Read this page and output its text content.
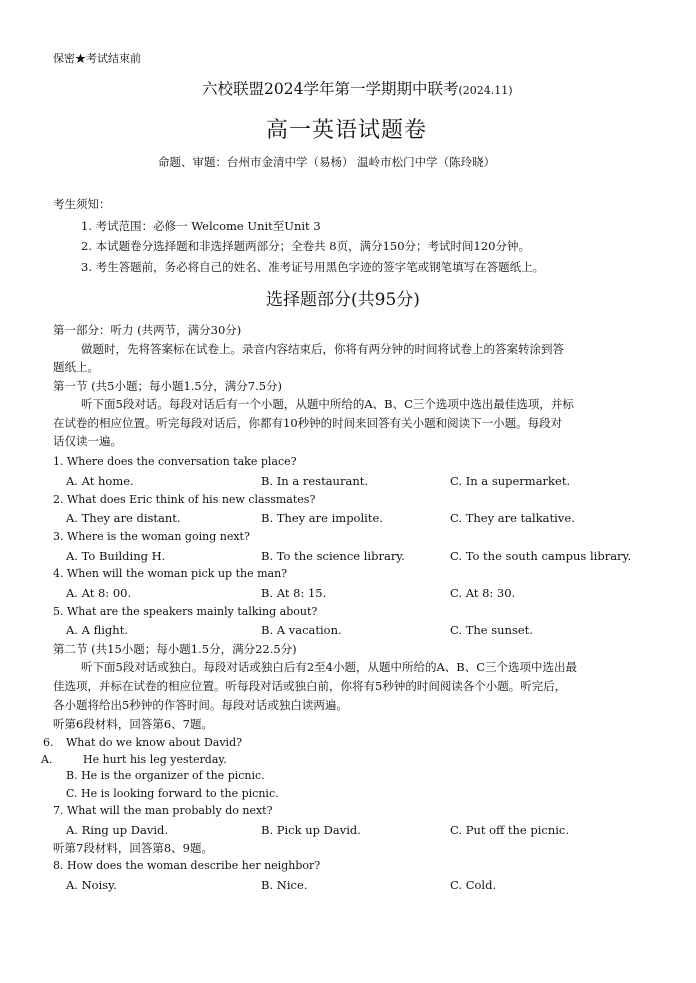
保密★考试结束前
六校联盟2024学年第一学期期中联考(2024.11)
高一英语试题卷
命题、审题：台州市金清中学（易杨） 温岭市松门中学（陈玲晓）
考生须知：
1. 考试范围：必修一 Welcome Unit至Unit 3
2. 本试题卷分选择题和非选择题两部分；全卷共 8页，满分150分；考试时间120分钟。
3. 考生答题前，务必将自己的姓名、准考证号用黑色字迹的签字笔或钢笔填写在答题纸上。
选择题部分(共95分)
第一部分：听力 (共两节，满分30分)
做题时，先将答案标在试卷上。录音内容结束后，你将有两分钟的时间将试卷上的答案转涂到答
题纸上。
第一节 (共5小题；每小题1.5分，满分7.5分)
听下面5段对话。每段对话后有一个小题，从题中所给的A、B、C三个选项中选出最佳选项，并标
在试卷的相应位置。听完每段对话后，你都有10秒钟的时间来回答有关小题和阅读下一小题。每段对
话仅读一遍。
1. Where does the conversation take place?
A. At home.	B. In a restaurant.	C. In a supermarket.
2. What does Eric think of his new classmates?
A. They are distant.	B. They are impolite.	C. They are talkative.
3. Where is the woman going next?
A. To Building H.	B. To the science library.	C. To the south campus library.
4. When will the woman pick up the man?
A. At 8: 00.	B. At 8: 15.	C. At 8: 30.
5. What are the speakers mainly talking about?
A. A flight.	B. A vacation.	C. The sunset.
第二节 (共15小题；每小题1.5分，满分22.5分)
听下面5段对话或独白。每段对话或独白后有2至4小题，从题中所给的A、B、C三个选项中选出最
佳选项，并标在试卷的相应位置。听每段对话或独白前，你将有5秒钟的时间阅读各个小题。听完后，
各小题将给出5秒钟的作答时间。每段对话或独白读两遍。
听第6段材料，回答第6、7题。
6. What do we know about David?
A.	He hurt his leg yesterday.
B. He is the organizer of the picnic.
C. He is looking forward to the picnic.
7. What will the man probably do next?
A. Ring up David.	B. Pick up David.	C. Put off the picnic.
听第7段材料，回答第8、9题。
8. How does the woman describe her neighbor?
A. Noisy.	B. Nice.	C. Cold.
